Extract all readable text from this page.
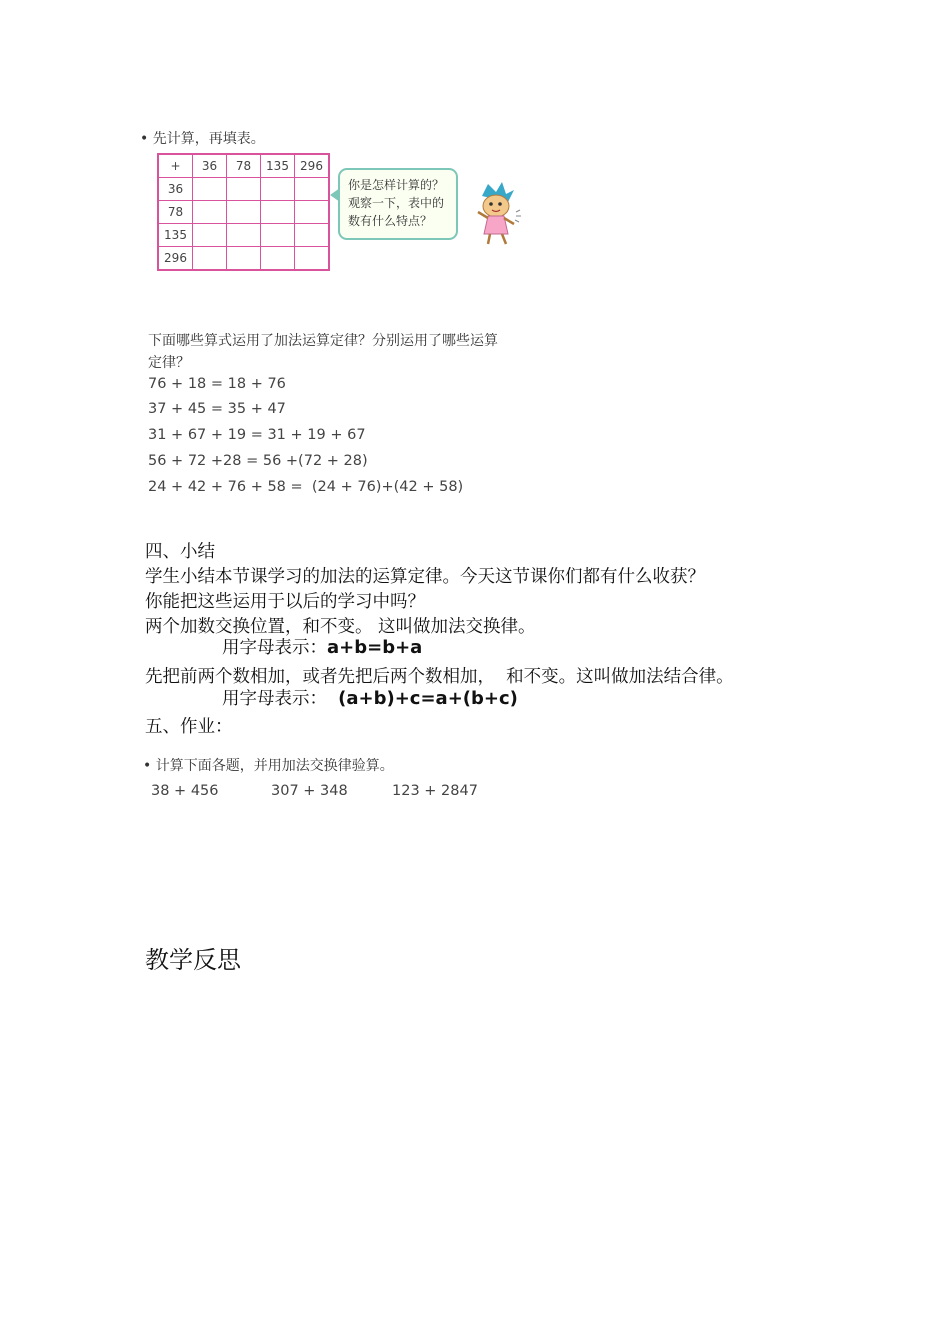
• 先计算，再填表。
+	36	78	135	296
36				
78				
135				
296				
你是怎样计算的？
观察一下，表中的
数有什么特点？
下面哪些算式运用了加法运算定律？分别运用了哪些运算
定律？
76 + 18 = 18 + 76
37 + 45 = 35 + 47
31 + 67 + 19 = 31 + 19 + 67
56 + 72 +28 = 56 +(72 + 28)
24 + 42 + 76 + 58 =  (24 + 76)+(42 + 58)
四、小结
学生小结本节课学习的加法的运算定律。今天这节课你们都有什么收获？
你能把这些运用于以后的学习中吗？
两个加数交换位置，和不变。 这叫做加法交换律。
用字母表示：a+b=b+a
先把前两个数相加，或者先把后两个数相加，  和不变。这叫做加法结合律。
用字母表示： (a+b)+c=a+(b+c)
五、作业：
• 计算下面各题，并用加法交换律验算。
38 + 456	307 + 348	123 + 2847
教学反思
